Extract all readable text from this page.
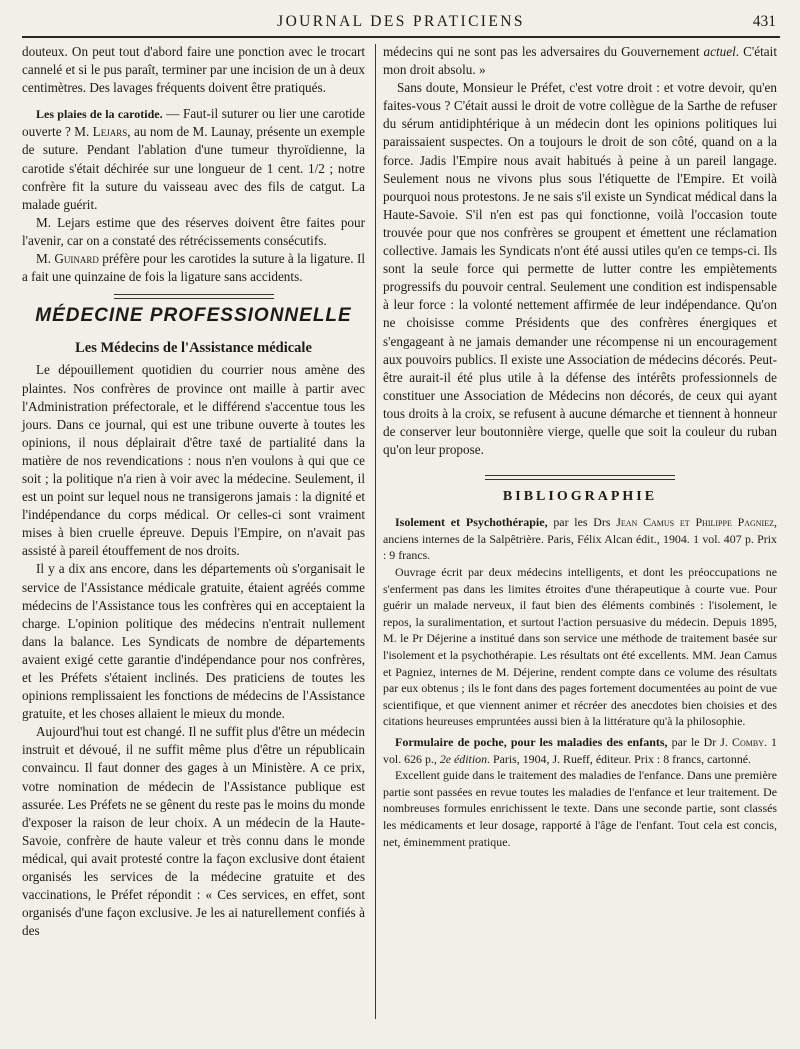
JOURNAL DES PRATICIENS	431

douteux. On peut tout d'abord faire une ponction avec le trocart cannelé et si le pus paraît, terminer par une incision de un à deux centimètres. Des lavages fréquents doivent être pratiqués.

Les plaies de la carotide. — Faut-il suturer ou lier une carotide ouverte ? M. Lejars, au nom de M. Launay, présente un exemple de suture. Pendant l'ablation d'une tumeur thyroïdienne, la carotide s'était déchirée sur une longueur de 1 cent. 1/2 ; notre confrère fit la suture du vaisseau avec des fils de catgut. La malade guérit.

M. Lejars estime que des réserves doivent être faites pour l'avenir, car on a constaté des rétrécissements consécutifs.

M. Guinard préfère pour les carotides la suture à la ligature. Il a fait une quinzaine de fois la ligature sans accidents.

MÉDECINE PROFESSIONNELLE
Les Médecins de l'Assistance médicale

Le dépouillement quotidien du courrier nous amène des plaintes. Nos confrères de province ont maille à partir avec l'Administration préfectorale, et le différend s'accentue tous les jours. Dans ce journal, qui est une tribune ouverte à toutes les opinions, il nous déplairait d'être taxé de partialité dans la matière de nos revendications : nous n'en voulons à qui que ce soit ; la politique n'a rien à voir avec la médecine. Seulement, il est un point sur lequel nous ne transigerons jamais : la dignité et l'indépendance du corps médical. Or celles-ci sont vraiment mises à bien cruelle épreuve. Depuis l'Empire, on n'avait pas assisté à pareil étouffement de nos droits.

Il y a dix ans encore, dans les départements où s'organisait le service de l'Assistance médicale gratuite, étaient agréés comme médecins de l'Assistance tous les confrères qui en acceptaient la charge. L'opinion politique des médecins n'entrait nullement dans la balance. Les Syndicats de nombre de départements avaient exigé cette garantie d'indépendance pour nos confrères, et les Préfets s'étaient inclinés. Des praticiens de toutes les opinions remplissaient les fonctions de médecins de l'Assistance gratuite, et les choses allaient le mieux du monde.

Aujourd'hui tout est changé. Il ne suffit plus d'être un médecin instruit et dévoué, il ne suffit même plus d'être un républicain convaincu. Il faut donner des gages à un Ministère. A ce prix, votre nomination de médecin de l'Assistance publique est assurée. Les Préfets ne se gênent du reste pas le moins du monde d'exposer la raison de leur choix. A un médecin de la Haute-Savoie, confrère de haute valeur et très connu dans le monde médical, qui avait protesté contre la façon exclusive dont étaient organisés les services de la médecine gratuite et des vaccinations, le Préfet répondit : « Ces services, en effet, sont organisés d'une façon exclusive. Je les ai naturellement confiés à des

médecins qui ne sont pas les adversaires du Gouvernement actuel. C'était mon droit absolu. »

Sans doute, Monsieur le Préfet, c'est votre droit : et votre devoir, qu'en faites-vous ? C'était aussi le droit de votre collègue de la Sarthe de refuser du sérum antidiphtérique à un médecin dont les opinions politiques lui paraissaient suspectes. On a toujours le droit de son côté, quand on a la force. Jadis l'Empire nous avait habitués à peine à un pareil langage. Seulement nous ne vivons plus sous l'étiquette de l'Empire. Et voilà pourquoi nous protestons. Je ne sais s'il existe un Syndicat médical dans la Haute-Savoie. S'il n'en est pas qui fonctionne, voilà l'occasion toute trouvée pour que nos confrères se groupent et émettent une réclamation collective. Jamais les Syndicats n'ont été aussi utiles qu'en ce temps-ci. Ils sont la seule force qui permette de lutter contre les empiètements progressifs du pouvoir central. Seulement une condition est indispensable à leur force : la volonté nettement affirmée de leur indépendance. Qu'on ne choisisse comme Présidents que des confrères énergiques et s'engageant à ne jamais demander une récompense ni un encouragement aux pouvoirs publics. Il existe une Association de médecins décorés. Peut-être aurait-il été plus utile à la défense des intérêts professionnels de constituer une Association de Médecins non décorés, de ceux qui ayant tous droits à la croix, se refusent à aucune démarche et tiennent à honneur de conserver leur boutonnière vierge, quelle que soit la couleur du ruban qu'on leur propose.

BIBLIOGRAPHIE

Isolement et Psychothérapie, par les Drs Jean Camus et Philippe Pagniez, anciens internes de la Salpêtrière. Paris, Félix Alcan édit., 1904. 1 vol. 407 p. Prix : 9 francs.

Ouvrage écrit par deux médecins intelligents, et dont les préoccupations ne s'enferment pas dans les limites étroites d'une thérapeutique à courte vue. Pour guérir un malade nerveux, il faut bien des éléments combinés : l'isolement, le repos, la suralimentation, et surtout l'action persuasive du médecin. Depuis 1895, M. le Pr Déjerine a institué dans son service une méthode de traitement basée sur l'isolement et la psychothérapie. Les résultats ont été excellents. MM. Jean Camus et Pagniez, internes de M. Déjerine, rendent compte dans ce volume des résultats par eux obtenus ; ils le font dans des pages fortement documentées au point de vue scientifique, et que viennent animer et récréer des anecdotes bien choisies et des citations heureuses empruntées aussi bien à la littérature qu'à la philosophie.

Formulaire de poche, pour les maladies des enfants, par le Dr J. Comby. 1 vol. 626 p., 2e édition. Paris, 1904, J. Rueff, éditeur. Prix : 8 francs, cartonné.

Excellent guide dans le traitement des maladies de l'enfance. Dans une première partie sont passées en revue toutes les maladies de l'enfance et leur traitement. De nombreuses formules enrichissent le texte. Dans une seconde partie, sont classés les médicaments et leur dosage, rapporté à l'âge de l'enfant. Tout cela est concis, net, éminemment pratique.
